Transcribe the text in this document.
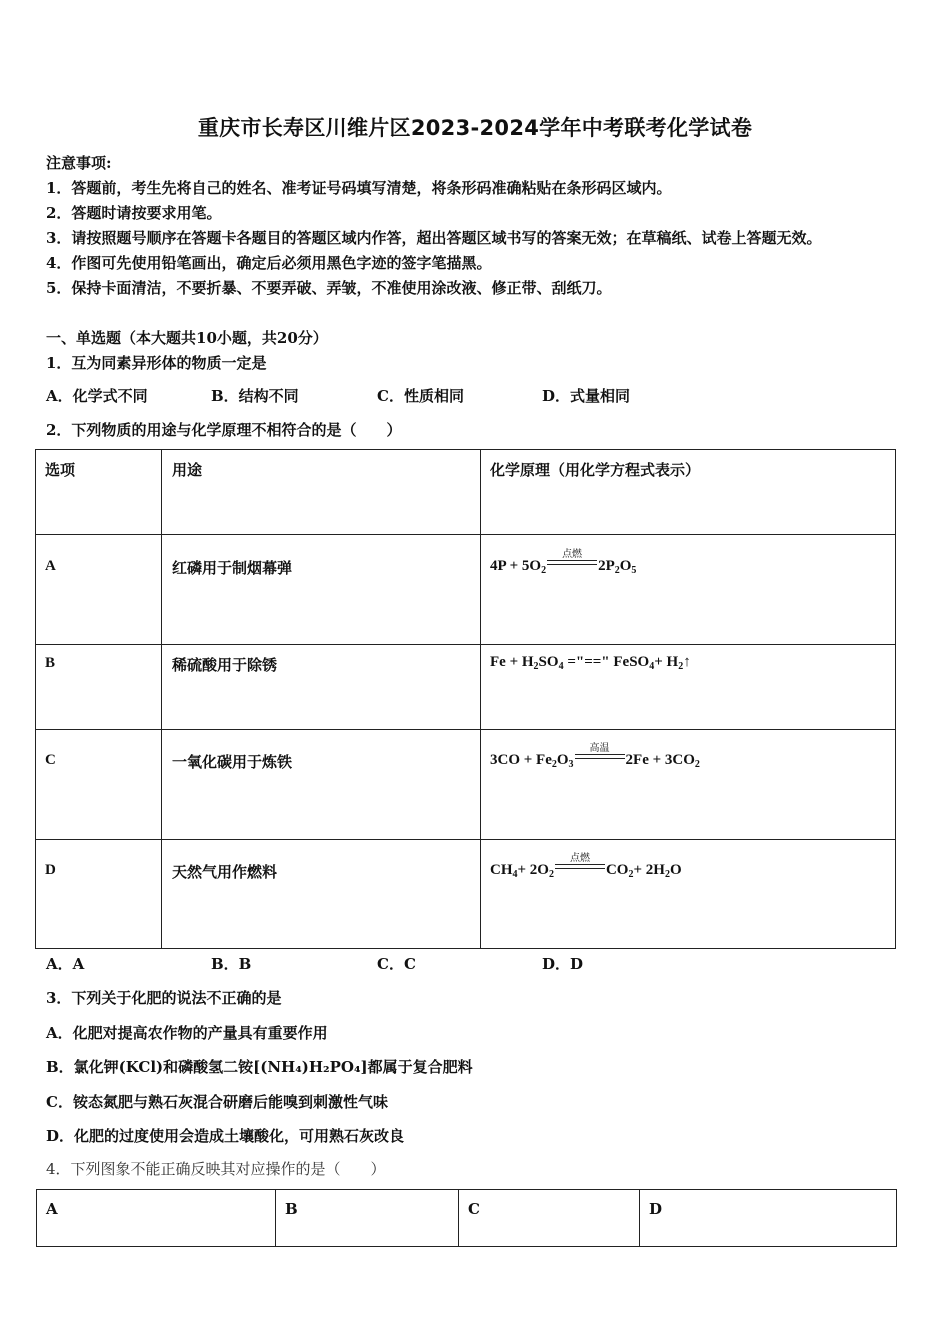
重庆市长寿区川维片区2023-2024学年中考联考化学试卷
注意事项:
1．答题前，考生先将自己的姓名、准考证号码填写清楚，将条形码准确粘贴在条形码区域内。
2．答题时请按要求用笔。
3．请按照题号顺序在答题卡各题目的答题区域内作答，超出答题区域书写的答案无效；在草稿纸、试卷上答题无效。
4．作图可先使用铅笔画出，确定后必须用黑色字迹的签字笔描黑。
5．保持卡面清洁，不要折暴、不要弄破、弄皱，不准使用涂改液、修正带、刮纸刀。
一、单选题（本大题共10小题，共20分）
1．互为同素异形体的物质一定是
A．化学式不同	B．结构不同	C．性质相同	D．式量相同
2．下列物质的用途与化学原理不相符合的是（　　）
选项	用途	化学原理（用化学方程式表示）

A	红磷用于制烟幕弹	$4P + 5O_2$
点燃
$2P_2O_5$

B	稀硫酸用于除锈	$Fe + H_2SO_4$ ="==" FeSO$_4$+ $H_2↑$

C	一氧化碳用于炼铁	$3CO + Fe_2O_3$
高温
$2Fe + 3CO_2$

D	天然气用作燃料	$CH_4+ 2O_2$
点燃
$CO_2+ 2H_2O$
A．A	B．B	C．C	D．D
3．下列关于化肥的说法不正确的是
A．化肥对提高农作物的产量具有重要作用
B．氯化钾(KCl)和磷酸氢二铵[(NH₄)H₂PO₄]都属于复合肥料
C．铵态氮肥与熟石灰混合研磨后能嗅到刺激性气味
D．化肥的过度使用会造成土壤酸化，可用熟石灰改良
4．下列图象不能正确反映其对应操作的是（　　）
A	B	C	D
